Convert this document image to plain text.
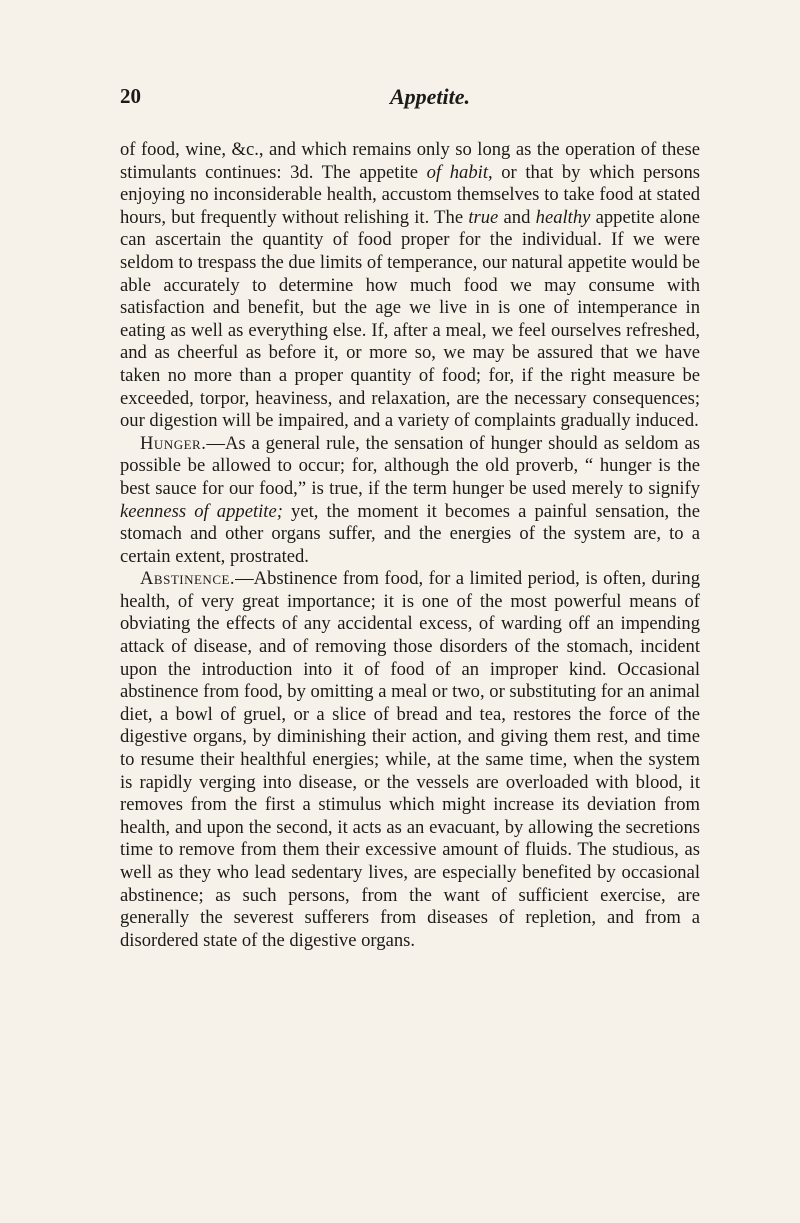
20	Appetite.

of food, wine, &c., and which remains only so long as the operation of these stimulants continues: 3d. The appetite of habit, or that by which persons enjoying no inconsiderable health, accustom themselves to take food at stated hours, but frequently without relishing it. The true and healthy appetite alone can ascertain the quantity of food proper for the individual. If we were seldom to trespass the due limits of temperance, our natural appetite would be able accurately to determine how much food we may consume with satisfaction and benefit, but the age we live in is one of intemperance in eating as well as everything else. If, after a meal, we feel ourselves refreshed, and as cheerful as before it, or more so, we may be assured that we have taken no more than a proper quantity of food; for, if the right measure be exceeded, torpor, heaviness, and relaxation, are the necessary consequences; our digestion will be impaired, and a variety of complaints gradually induced.

Hunger.—As a general rule, the sensation of hunger should as seldom as possible be allowed to occur; for, although the old proverb, “ hunger is the best sauce for our food,” is true, if the term hunger be used merely to signify keenness of appetite; yet, the moment it becomes a painful sensation, the stomach and other organs suffer, and the energies of the system are, to a certain extent, prostrated.

Abstinence.—Abstinence from food, for a limited period, is often, during health, of very great importance; it is one of the most powerful means of obviating the effects of any accidental excess, of warding off an impending attack of disease, and of removing those disorders of the stomach, incident upon the introduction into it of food of an improper kind. Occasional abstinence from food, by omitting a meal or two, or substituting for an animal diet, a bowl of gruel, or a slice of bread and tea, restores the force of the digestive organs, by diminishing their action, and giving them rest, and time to resume their healthful energies; while, at the same time, when the system is rapidly verging into disease, or the vessels are overloaded with blood, it removes from the first a stimulus which might increase its deviation from health, and upon the second, it acts as an evacuant, by allowing the secretions time to remove from them their excessive amount of fluids. The studious, as well as they who lead sedentary lives, are especially benefited by occasional abstinence; as such persons, from the want of sufficient exercise, are generally the severest sufferers from diseases of repletion, and from a disordered state of the digestive organs.
